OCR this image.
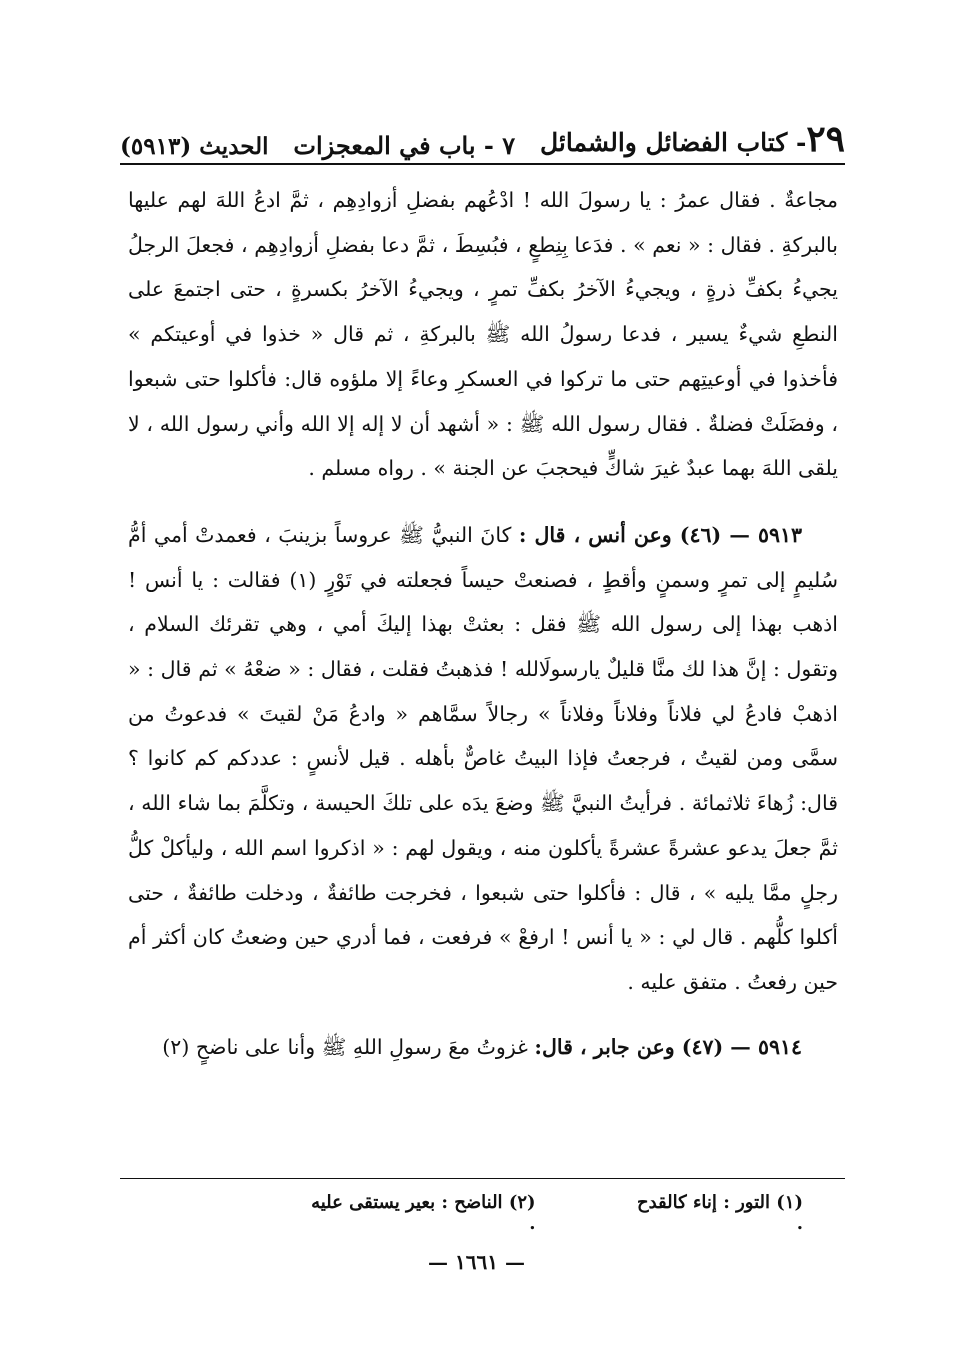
٢٩- كتاب الفضائل والشمائل
٧ - باب في المعجزات
الحديث (٥٩١٣)

مجاعةٌ . فقال عمرُ : يا رسولَ الله ! ادْعُهم بفضلِ أزوادِهِم ، ثمَّ ادعُ اللهَ لهم عليها بالبركةِ . فقال : « نعم » . فدَعا بِنِطعٍ ، فبُسِطَ ، ثمَّ دعا بفضلِ أزوادِهِم ، فجعلَ الرجلُ يجيءُ بكفِّ ذرةٍ ، ويجيءُ الآخرُ بكفِّ تمرٍ ، ويجيءُ الآخرُ بكسرةٍ ، حتى اجتمعَ على النطعِ شيءٌ يسير ، فدعا رسولُ الله ﷺ بالبركةِ ، ثم قال « خذوا في أوعيتكم » فأخذوا في أوعيتِهم حتى ما تركوا في العسكرِ وعاءً إلا ملؤوه قال: فأكلوا حتى شبعوا ، وفضَلَتْ فضلةٌ . فقال رسول الله ﷺ : « أشهد أن لا إله إلا الله وأني رسول الله ، لا يلقى اللهَ بهما عبدٌ غيرَ شاكٍّ فيحجبَ عن الجنة » . رواه مسلم .

٥٩١٣ — (٤٦) وعن أنس ، قال : كانَ النبيُّ ﷺ عروساً بزينبَ ، فعمدتْ أمي أمُّ سُليمٍ إلى تمرٍ وسمنٍ وأقطٍ ، فصنعتْ حيساً فجعلته في تَوْرٍ (١) فقالت : يا أنس ! اذهب بهذا إلى رسول الله ﷺ فقل : بعثتْ بهذا إليكَ أمي ، وهي تقرئك السلام ، وتقول : إنَّ هذا لك منَّا قليلٌ يارسولَالله ! فذهبتُ فقلت ، فقال : « ضعْهُ » ثم قال : « اذهبْ فادعُ لي فلاناً وفلاناً وفلاناً » رجالاً سمَّاهم « وادعُ مَنْ لقيتَ » فدعوتُ من سمَّى ومن لقيتُ ، فرجعتُ فإذا البيتُ غاصٌّ بأهله . قيل لأنسٍ : عددكم كم كانوا ؟ قال: زُهاءَ ثلاثمائة . فرأيتُ النبيَّ ﷺ وضعَ يدَه على تلكَ الحيسة ، وتكلَّمَ بما شاء الله ، ثمَّ جعلَ يدعو عشرةً عشرةً يأكلون منه ، ويقول لهم : « اذكروا اسم الله ، وليأكلْ كلُّ رجلٍ ممَّا يليه » ، قال : فأكلوا حتى شبعوا ، فخرجت طائفةٌ ، ودخلت طائفةٌ ، حتى أكلوا كلُّهم . قال لي : « يا أنس ! ارفعْ » فرفعت ، فما أدري حين وضعتُ كان أكثر أم حين رفعتُ . متفق عليه .

٥٩١٤ — (٤٧) وعن جابر ، قال: غزوتُ معَ رسولِ اللهِ ﷺ وأنا على ناضحٍ (٢)

(١) التور : إناء كالقدح .
(٢) الناضح : بعير يستقى عليه .
— ١٦٦١ —
